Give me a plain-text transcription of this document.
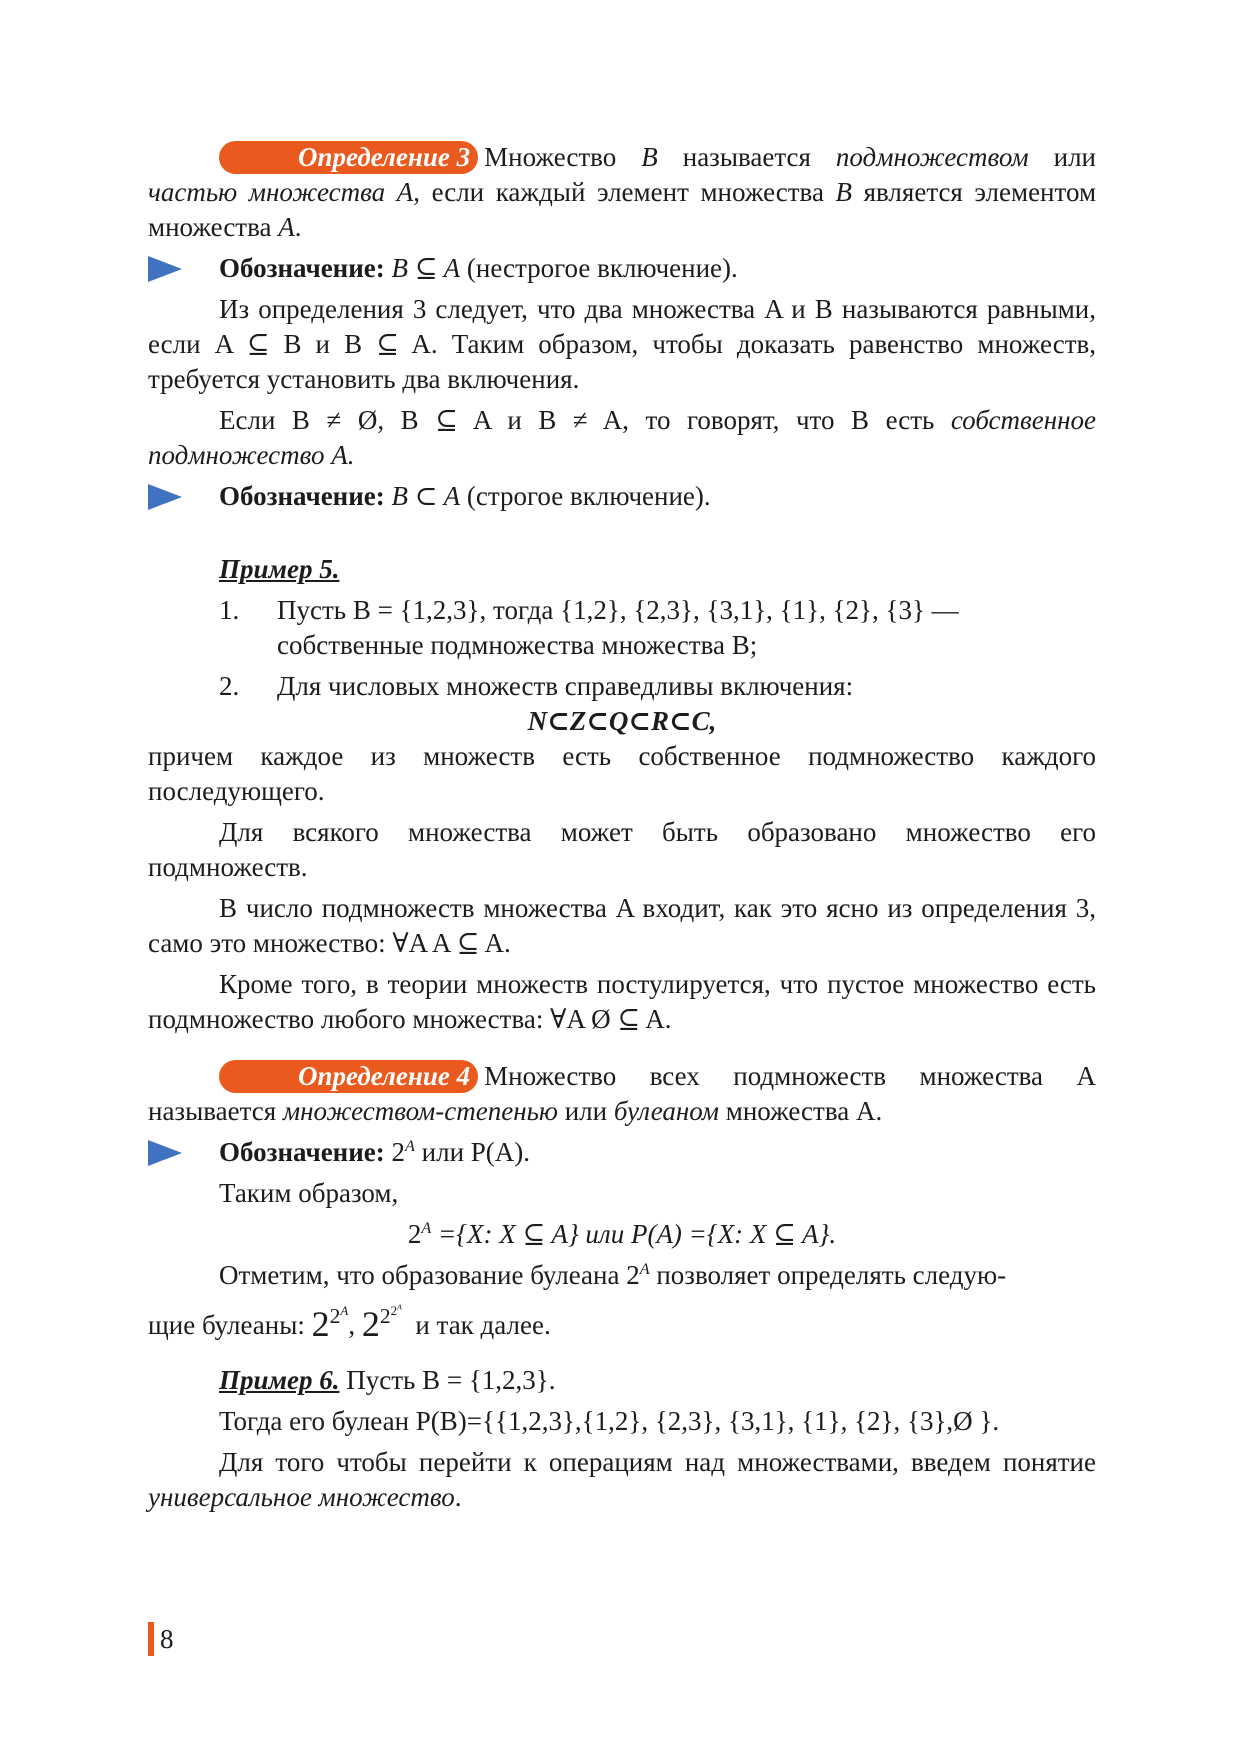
Определение 3 Множество B называется подмножеством или частью множества A, если каждый элемент множества B является элементом множества A.

Обозначение: B ⊆ A (нестрогое включение).

Из определения 3 следует, что два множества A и B называются равными, если A ⊆ B и B ⊆ A. Таким образом, чтобы доказать равенство множеств, требуется установить два включения.

Если B ≠ Ø, B ⊆ A и B ≠ A, то говорят, что B есть собственное подмножество A.

Обозначение: B ⊂ A (строгое включение).

Пример 5.

1. Пусть B = {1,2,3}, тогда {1,2}, {2,3}, {3,1}, {1}, {2}, {3} — собственные подмножества множества B;
2. Для числовых множеств справедливы включения:

N⊂Z⊂Q⊂R⊂C,

причем каждое из множеств есть собственное подмножество каждого последующего.

Для всякого множества может быть образовано множество его подмножеств.

В число подмножеств множества A входит, как это ясно из определения 3, само это множество: ∀A A ⊆ A.

Кроме того, в теории множеств постулируется, что пустое множество есть подмножество любого множества: ∀A Ø ⊆ A.

Определение 4 Множество всех подмножеств множества A называется множеством-степенью или булеаном множества A.

Обозначение: $2^A$ или P(A).

Таким образом,

$2^A =\{X$: X ⊆ A} или P(A) ={X: X ⊆ A}.

Отметим, что образование булеана $2^A$ позволяет определять следую-

щие булеаны: $2^{2^A}$, $2^{2^{2^A}}$  и так далее.

Пример 6. Пусть B = {1,2,3}.

Тогда его булеан P(B)={{1,2,3},{1,2}, {2,3}, {3,1}, {1}, {2}, {3},Ø }.

Для того чтобы перейти к операциям над множествами, введем понятие универсальное множество.

8
